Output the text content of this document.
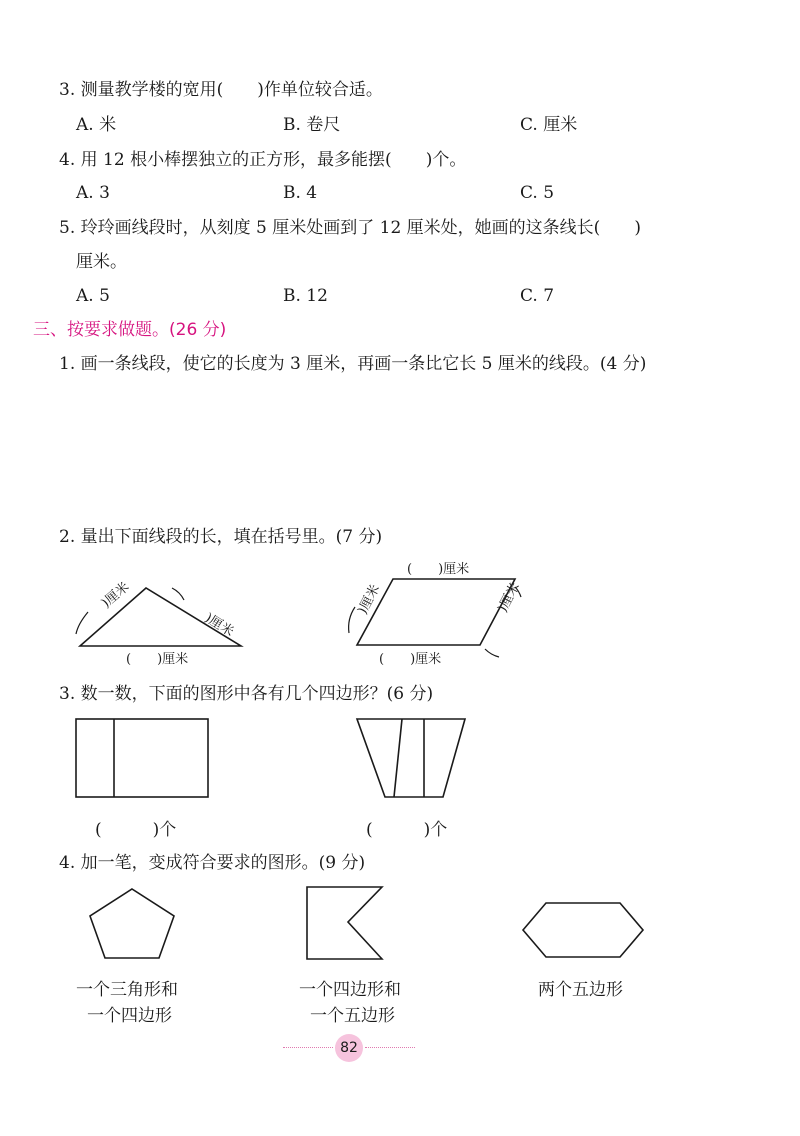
3. 测量教学楼的宽用(　　)作单位较合适。
A. 米	B. 卷尺	C. 厘米
4. 用 12 根小棒摆独立的正方形，最多能摆(　　)个。
A. 3	B. 4	C. 5
5. 玲玲画线段时，从刻度 5 厘米处画到了 12 厘米处，她画的这条线长(　　)
厘米。
A. 5	B. 12	C. 7
三、按要求做题。(26 分)
1. 画一条线段，使它的长度为 3 厘米，再画一条比它长 5 厘米的线段。(4 分)
2. 量出下面线段的长，填在括号里。(7 分)
)厘米
)厘米
(　　)厘米
(　　)厘米
)厘米	)厘米
(　　)厘米
3. 数一数，下面的图形中各有几个四边形？(6 分)
(　　　)个	(　　　)个
4. 加一笔，变成符合要求的图形。(9 分)
一个三角形和
一个四边形
一个四边形和
一个五边形
两个五边形
82
